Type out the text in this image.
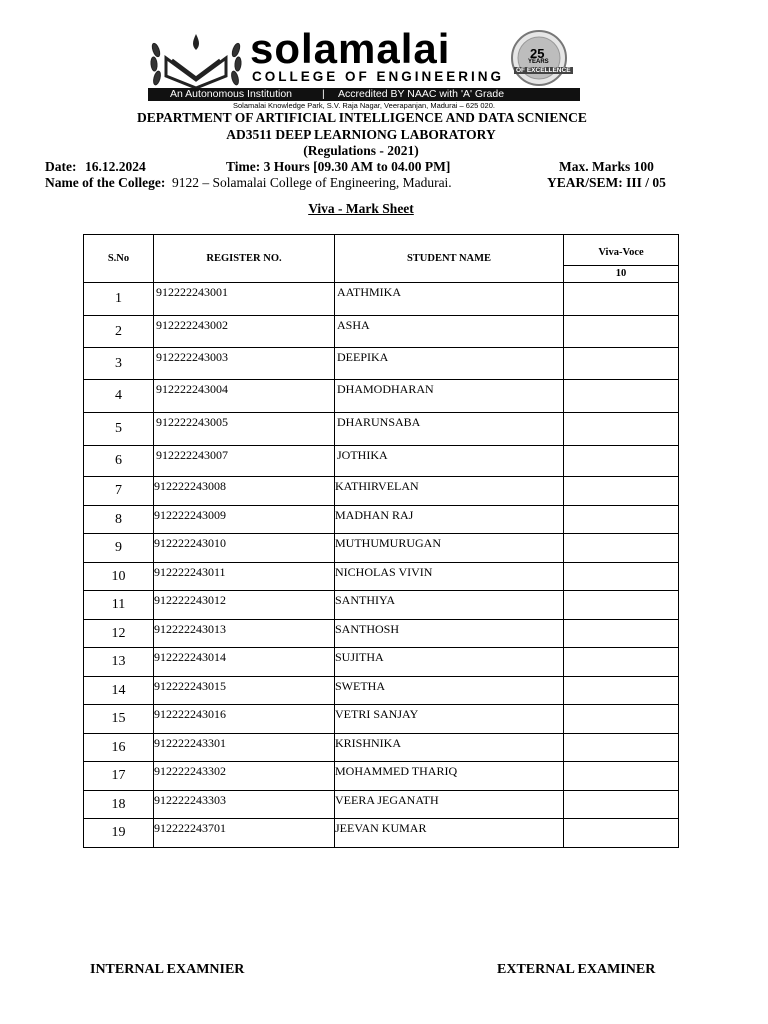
solamalai
COLLEGE OF ENGINEERING
25
YEARS
OF EXCELLENCE
An Autonomous Institution	| Accredited BY NAAC with 'A' Grade
Solamalai Knowledge Park, S.V. Raja Nagar, Veerapanjan, Madurai – 625 020.
DEPARTMENT OF ARTIFICIAL INTELLIGENCE AND DATA SCNIENCE
AD3511 DEEP LEARNIONG LABORATORY
(Regulations - 2021)
Date: 16.12.2024	Time: 3 Hours [09.30 AM to 04.00 PM]	Max. Marks 100
Name of the College: 9122 – Solamalai College of Engineering, Madurai.	YEAR/SEM: III / 05
Viva - Mark Sheet
S.No	REGISTER NO.	STUDENT NAME	Viva-Voce
10

1	912222243001	AATHMIKA	
2	912222243002	ASHA	
3	912222243003	DEEPIKA	
4	912222243004	DHAMODHARAN	
5	912222243005	DHARUNSABA	
6	912222243007	JOTHIKA	
7	912222243008	KATHIRVELAN	
8	912222243009	MADHAN RAJ	
9	912222243010	MUTHUMURUGAN	
10	912222243011	NICHOLAS VIVIN	
11	912222243012	SANTHIYA	
12	912222243013	SANTHOSH	
13	912222243014	SUJITHA	
14	912222243015	SWETHA	
15	912222243016	VETRI SANJAY	
16	912222243301	KRISHNIKA	
17	912222243302	MOHAMMED THARIQ	
18	912222243303	VEERA JEGANATH	
19	912222243701	JEEVAN KUMAR	
INTERNAL EXAMNIER	EXTERNAL EXAMINER
